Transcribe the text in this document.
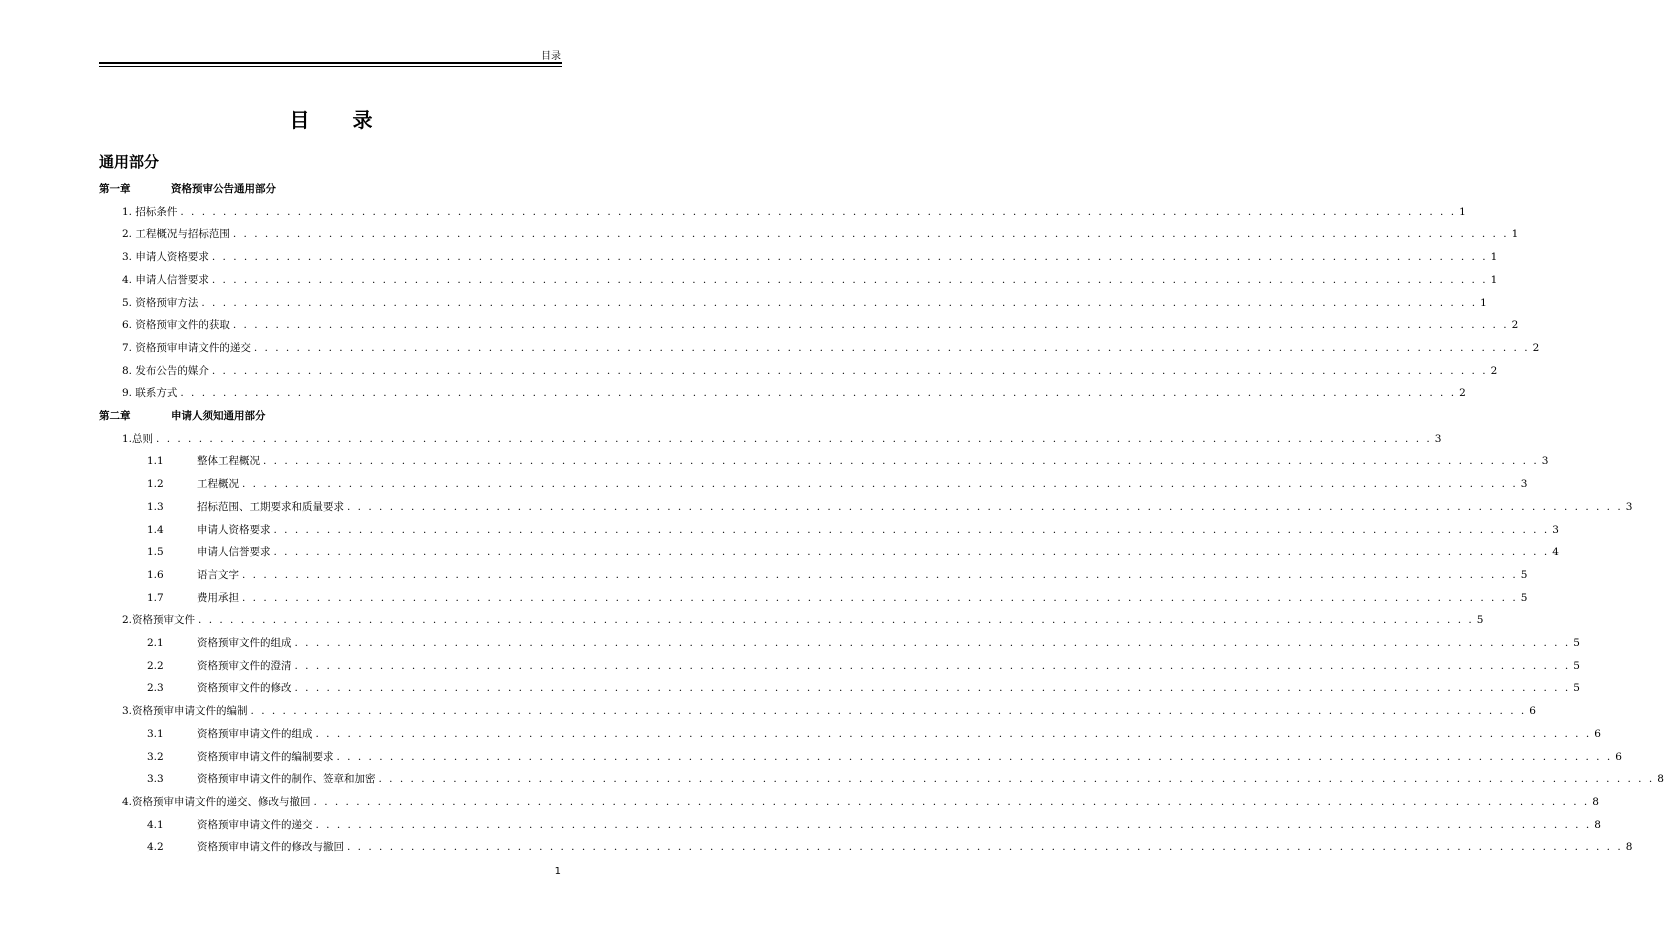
目录
目 录
通用部分
第一章	资格预审公告通用部分
1. 招标条件 . . . . . . . . . . . . . . . . . . . . . . . . . . . . . . . . . . . . . . . . . . . . . . . . . . . . . . . . . . . . . . . . . . . . . . . . . . . . . . . . . . . . . . . . . . . . . . . . . . . . . . . . . . . . . . . . . . . . . . . . 1
2. 工程概况与招标范围 . . . . . . . . . . . . . . . . . . . . . . . . . . . . . . . . . . . . . . . . . . . . . . . . . . . . . . . . . . . . . . . . . . . . . . . . . . . . . . . . . . . . . . . . . . . . . . . . . . . . . . . . . . . . . . . . . . . . . . . . 1
3. 申请人资格要求 . . . . . . . . . . . . . . . . . . . . . . . . . . . . . . . . . . . . . . . . . . . . . . . . . . . . . . . . . . . . . . . . . . . . . . . . . . . . . . . . . . . . . . . . . . . . . . . . . . . . . . . . . . . . . . . . . . . . . . . . 1
4. 申请人信誉要求 . . . . . . . . . . . . . . . . . . . . . . . . . . . . . . . . . . . . . . . . . . . . . . . . . . . . . . . . . . . . . . . . . . . . . . . . . . . . . . . . . . . . . . . . . . . . . . . . . . . . . . . . . . . . . . . . . . . . . . . . 1
5. 资格预审方法 . . . . . . . . . . . . . . . . . . . . . . . . . . . . . . . . . . . . . . . . . . . . . . . . . . . . . . . . . . . . . . . . . . . . . . . . . . . . . . . . . . . . . . . . . . . . . . . . . . . . . . . . . . . . . . . . . . . . . . . . 1
6. 资格预审文件的获取 . . . . . . . . . . . . . . . . . . . . . . . . . . . . . . . . . . . . . . . . . . . . . . . . . . . . . . . . . . . . . . . . . . . . . . . . . . . . . . . . . . . . . . . . . . . . . . . . . . . . . . . . . . . . . . . . . . . . . . . . 2
7. 资格预审申请文件的递交 . . . . . . . . . . . . . . . . . . . . . . . . . . . . . . . . . . . . . . . . . . . . . . . . . . . . . . . . . . . . . . . . . . . . . . . . . . . . . . . . . . . . . . . . . . . . . . . . . . . . . . . . . . . . . . . . . . . . . . . . 2
8. 发布公告的媒介 . . . . . . . . . . . . . . . . . . . . . . . . . . . . . . . . . . . . . . . . . . . . . . . . . . . . . . . . . . . . . . . . . . . . . . . . . . . . . . . . . . . . . . . . . . . . . . . . . . . . . . . . . . . . . . . . . . . . . . . . 2
9. 联系方式 . . . . . . . . . . . . . . . . . . . . . . . . . . . . . . . . . . . . . . . . . . . . . . . . . . . . . . . . . . . . . . . . . . . . . . . . . . . . . . . . . . . . . . . . . . . . . . . . . . . . . . . . . . . . . . . . . . . . . . . . 2
第二章	申请人须知通用部分
1.总则 . . . . . . . . . . . . . . . . . . . . . . . . . . . . . . . . . . . . . . . . . . . . . . . . . . . . . . . . . . . . . . . . . . . . . . . . . . . . . . . . . . . . . . . . . . . . . . . . . . . . . . . . . . . . . . . . . . . . . . . . 3
1.1	整体工程概况 . . . . . . . . . . . . . . . . . . . . . . . . . . . . . . . . . . . . . . . . . . . . . . . . . . . . . . . . . . . . . . . . . . . . . . . . . . . . . . . . . . . . . . . . . . . . . . . . . . . . . . . . . . . . . . . . . . . . . . . . 3
1.2	工程概况 . . . . . . . . . . . . . . . . . . . . . . . . . . . . . . . . . . . . . . . . . . . . . . . . . . . . . . . . . . . . . . . . . . . . . . . . . . . . . . . . . . . . . . . . . . . . . . . . . . . . . . . . . . . . . . . . . . . . . . . . 3
1.3	招标范围、工期要求和质量要求 . . . . . . . . . . . . . . . . . . . . . . . . . . . . . . . . . . . . . . . . . . . . . . . . . . . . . . . . . . . . . . . . . . . . . . . . . . . . . . . . . . . . . . . . . . . . . . . . . . . . . . . . . . . . . . . . . . . . . . . . 3
1.4	申请人资格要求 . . . . . . . . . . . . . . . . . . . . . . . . . . . . . . . . . . . . . . . . . . . . . . . . . . . . . . . . . . . . . . . . . . . . . . . . . . . . . . . . . . . . . . . . . . . . . . . . . . . . . . . . . . . . . . . . . . . . . . . . 3
1.5	申请人信誉要求 . . . . . . . . . . . . . . . . . . . . . . . . . . . . . . . . . . . . . . . . . . . . . . . . . . . . . . . . . . . . . . . . . . . . . . . . . . . . . . . . . . . . . . . . . . . . . . . . . . . . . . . . . . . . . . . . . . . . . . . . 4
1.6	语言文字 . . . . . . . . . . . . . . . . . . . . . . . . . . . . . . . . . . . . . . . . . . . . . . . . . . . . . . . . . . . . . . . . . . . . . . . . . . . . . . . . . . . . . . . . . . . . . . . . . . . . . . . . . . . . . . . . . . . . . . . . 5
1.7	费用承担 . . . . . . . . . . . . . . . . . . . . . . . . . . . . . . . . . . . . . . . . . . . . . . . . . . . . . . . . . . . . . . . . . . . . . . . . . . . . . . . . . . . . . . . . . . . . . . . . . . . . . . . . . . . . . . . . . . . . . . . . 5
2.资格预审文件 . . . . . . . . . . . . . . . . . . . . . . . . . . . . . . . . . . . . . . . . . . . . . . . . . . . . . . . . . . . . . . . . . . . . . . . . . . . . . . . . . . . . . . . . . . . . . . . . . . . . . . . . . . . . . . . . . . . . . . . . 5
2.1	资格预审文件的组成 . . . . . . . . . . . . . . . . . . . . . . . . . . . . . . . . . . . . . . . . . . . . . . . . . . . . . . . . . . . . . . . . . . . . . . . . . . . . . . . . . . . . . . . . . . . . . . . . . . . . . . . . . . . . . . . . . . . . . . . . 5
2.2	资格预审文件的澄清 . . . . . . . . . . . . . . . . . . . . . . . . . . . . . . . . . . . . . . . . . . . . . . . . . . . . . . . . . . . . . . . . . . . . . . . . . . . . . . . . . . . . . . . . . . . . . . . . . . . . . . . . . . . . . . . . . . . . . . . . 5
2.3	资格预审文件的修改 . . . . . . . . . . . . . . . . . . . . . . . . . . . . . . . . . . . . . . . . . . . . . . . . . . . . . . . . . . . . . . . . . . . . . . . . . . . . . . . . . . . . . . . . . . . . . . . . . . . . . . . . . . . . . . . . . . . . . . . . 5
3.资格预审申请文件的编制 . . . . . . . . . . . . . . . . . . . . . . . . . . . . . . . . . . . . . . . . . . . . . . . . . . . . . . . . . . . . . . . . . . . . . . . . . . . . . . . . . . . . . . . . . . . . . . . . . . . . . . . . . . . . . . . . . . . . . . . . 6
3.1	资格预审申请文件的组成 . . . . . . . . . . . . . . . . . . . . . . . . . . . . . . . . . . . . . . . . . . . . . . . . . . . . . . . . . . . . . . . . . . . . . . . . . . . . . . . . . . . . . . . . . . . . . . . . . . . . . . . . . . . . . . . . . . . . . . . . 6
3.2	资格预审申请文件的编制要求 . . . . . . . . . . . . . . . . . . . . . . . . . . . . . . . . . . . . . . . . . . . . . . . . . . . . . . . . . . . . . . . . . . . . . . . . . . . . . . . . . . . . . . . . . . . . . . . . . . . . . . . . . . . . . . . . . . . . . . . . 6
3.3	资格预审申请文件的制作、签章和加密 . . . . . . . . . . . . . . . . . . . . . . . . . . . . . . . . . . . . . . . . . . . . . . . . . . . . . . . . . . . . . . . . . . . . . . . . . . . . . . . . . . . . . . . . . . . . . . . . . . . . . . . . . . . . . . . . . . . . . . . . 8
4.资格预审申请文件的递交、修改与撤回 . . . . . . . . . . . . . . . . . . . . . . . . . . . . . . . . . . . . . . . . . . . . . . . . . . . . . . . . . . . . . . . . . . . . . . . . . . . . . . . . . . . . . . . . . . . . . . . . . . . . . . . . . . . . . . . . . . . . . . . . 8
4.1	资格预审申请文件的递交 . . . . . . . . . . . . . . . . . . . . . . . . . . . . . . . . . . . . . . . . . . . . . . . . . . . . . . . . . . . . . . . . . . . . . . . . . . . . . . . . . . . . . . . . . . . . . . . . . . . . . . . . . . . . . . . . . . . . . . . . 8
4.2	资格预审申请文件的修改与撤回 . . . . . . . . . . . . . . . . . . . . . . . . . . . . . . . . . . . . . . . . . . . . . . . . . . . . . . . . . . . . . . . . . . . . . . . . . . . . . . . . . . . . . . . . . . . . . . . . . . . . . . . . . . . . . . . . . . . . . . . . 8
1
